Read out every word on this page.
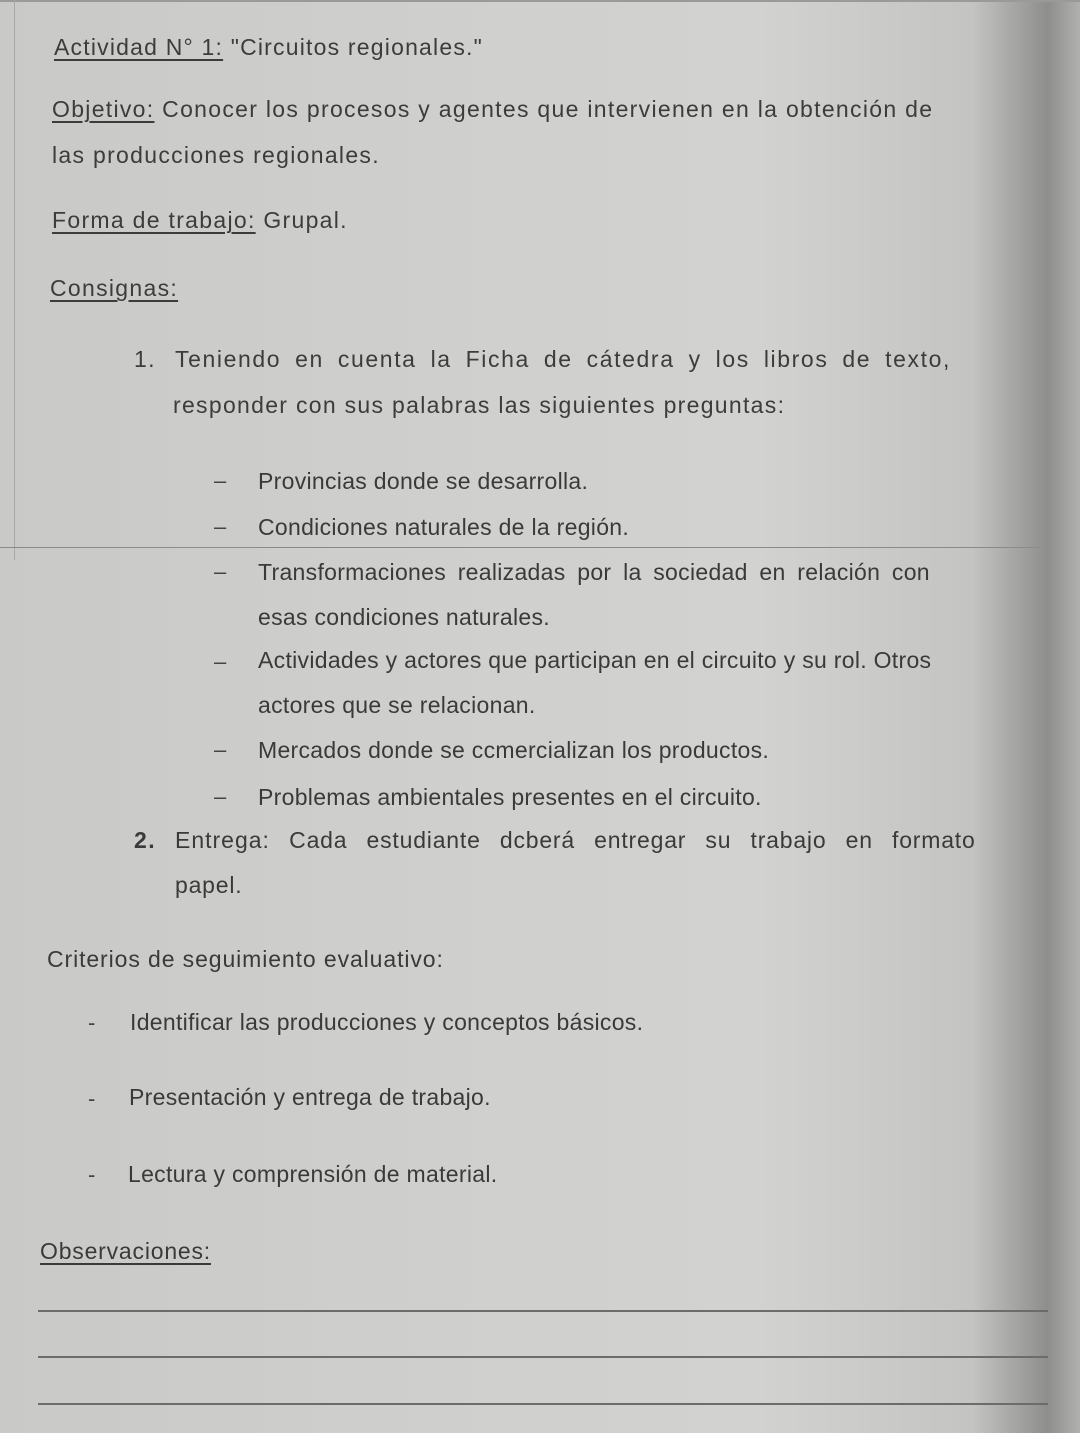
Actividad N° 1: "Circuitos regionales."
Objetivo: Conocer los procesos y agentes que intervienen en la obtención de
las producciones regionales.
Forma de trabajo: Grupal.
Consignas:
1. Teniendo en cuenta la Ficha de cátedra y los libros de texto,
responder con sus palabras las siguientes preguntas:
– Provincias donde se desarrolla.
– Condiciones naturales de la región.
– Transformaciones realizadas por la sociedad en relación con
esas condiciones naturales.
– Actividades y actores que participan en el circuito y su rol. Otros
actores que se relacionan.
– Mercados donde se ccmercializan los productos.
– Problemas ambientales presentes en el circuito.
2. Entrega: Cada estudiante dcberá entregar su trabajo en formato
papel.
Criterios de seguimiento evaluativo:
- Identificar las producciones y conceptos básicos.
- Presentación y entrega de trabajo.
- Lectura y comprensión de material.
Observaciones:
